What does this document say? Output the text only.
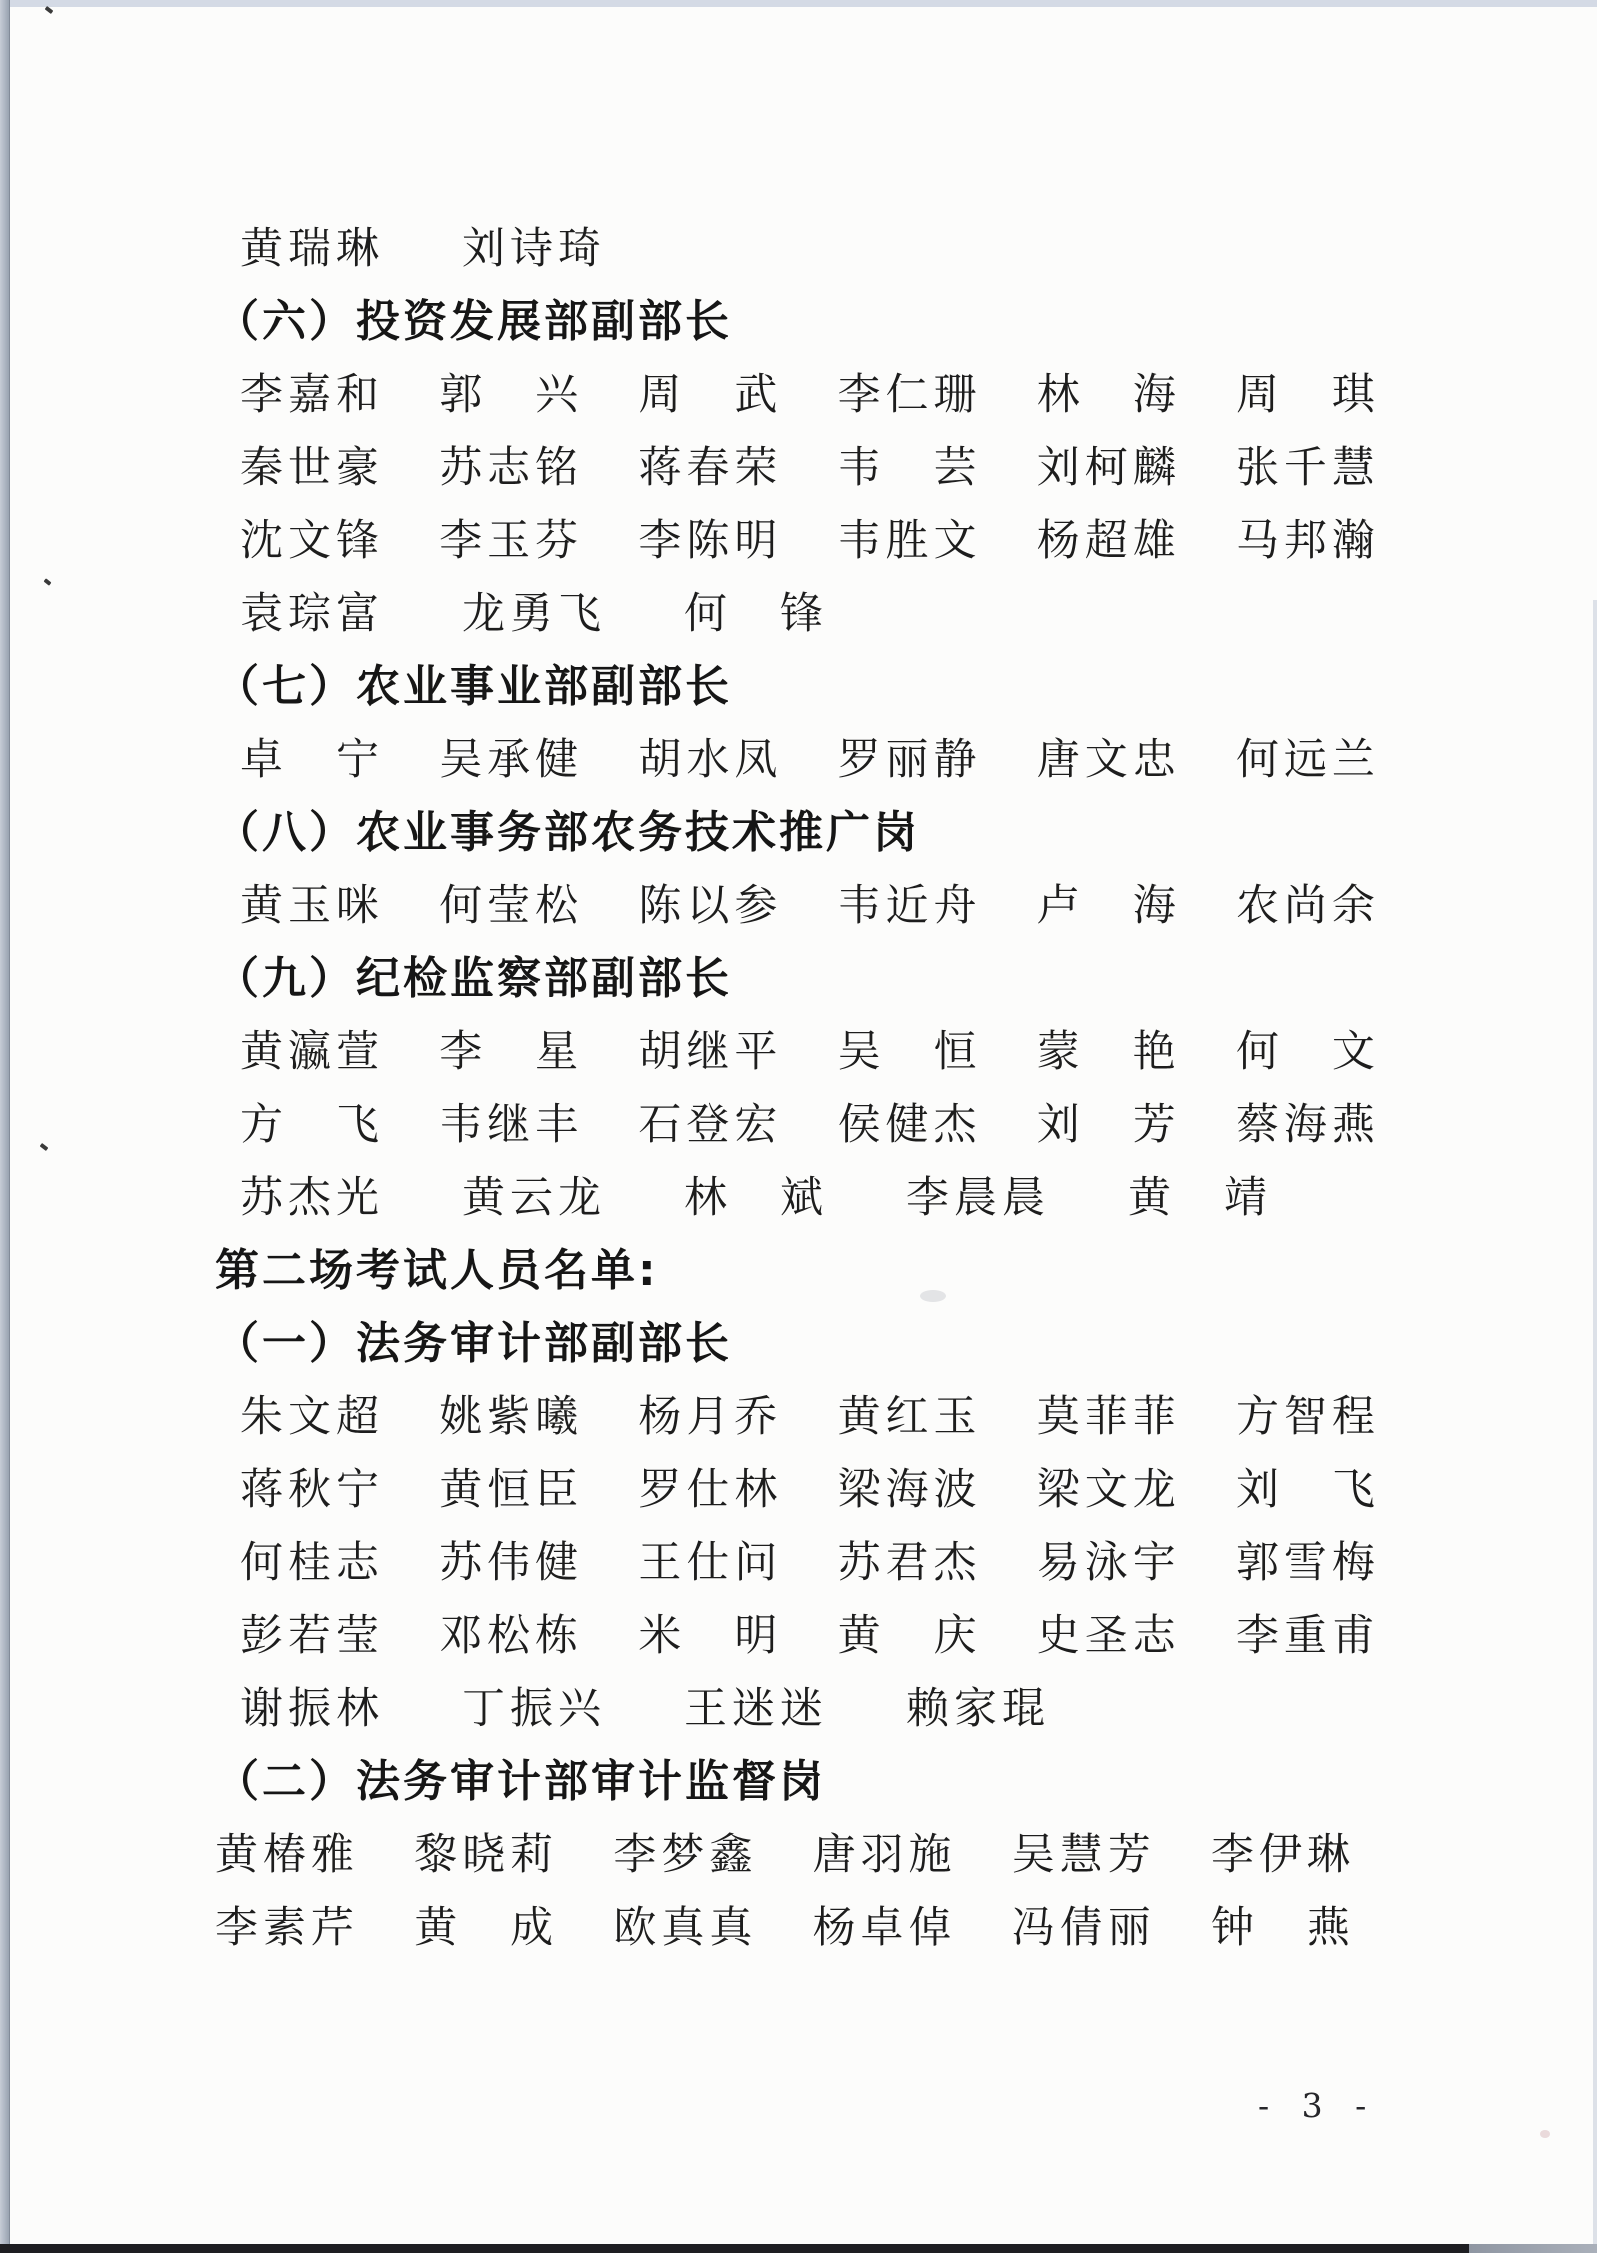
黄瑞琳 刘诗琦
（六）投资发展部副部长
李嘉和 郭　兴 周　武 李仁珊 林　海 周　琪
秦世豪 苏志铭 蒋春荣 韦　芸 刘柯麟 张千慧
沈文锋 李玉芬 李陈明 韦胜文 杨超雄 马邦瀚
袁琮富 龙勇飞 何　锋
（七）农业事业部副部长
卓　宁 吴承健 胡水凤 罗丽静 唐文忠 何远兰
（八）农业事务部农务技术推广岗
黄玉咪 何莹松 陈以参 韦近舟 卢　海 农尚余
（九）纪检监察部副部长
黄瀛萱 李　星 胡继平 吴　恒 蒙　艳 何　文
方　飞 韦继丰 石登宏 侯健杰 刘　芳 蔡海燕
苏杰光 黄云龙 林　斌 李晨晨 黄　靖
第二场考试人员名单:
（一）法务审计部副部长
朱文超 姚紫曦 杨月乔 黄红玉 莫菲菲 方智程
蒋秋宁 黄恒臣 罗仕林 梁海波 梁文龙 刘　飞
何桂志 苏伟健 王仕问 苏君杰 易泳宇 郭雪梅
彭若莹 邓松栋 米　明 黄　庆 史圣志 李重甫
谢振林 丁振兴 王迷迷 赖家琨
（二）法务审计部审计监督岗
黄椿雅 黎晓莉 李梦鑫 唐羽施 吴慧芳 李伊琳
李素芹 黄　成 欧真真 杨卓倬 冯倩丽 钟　燕
- 3 -
